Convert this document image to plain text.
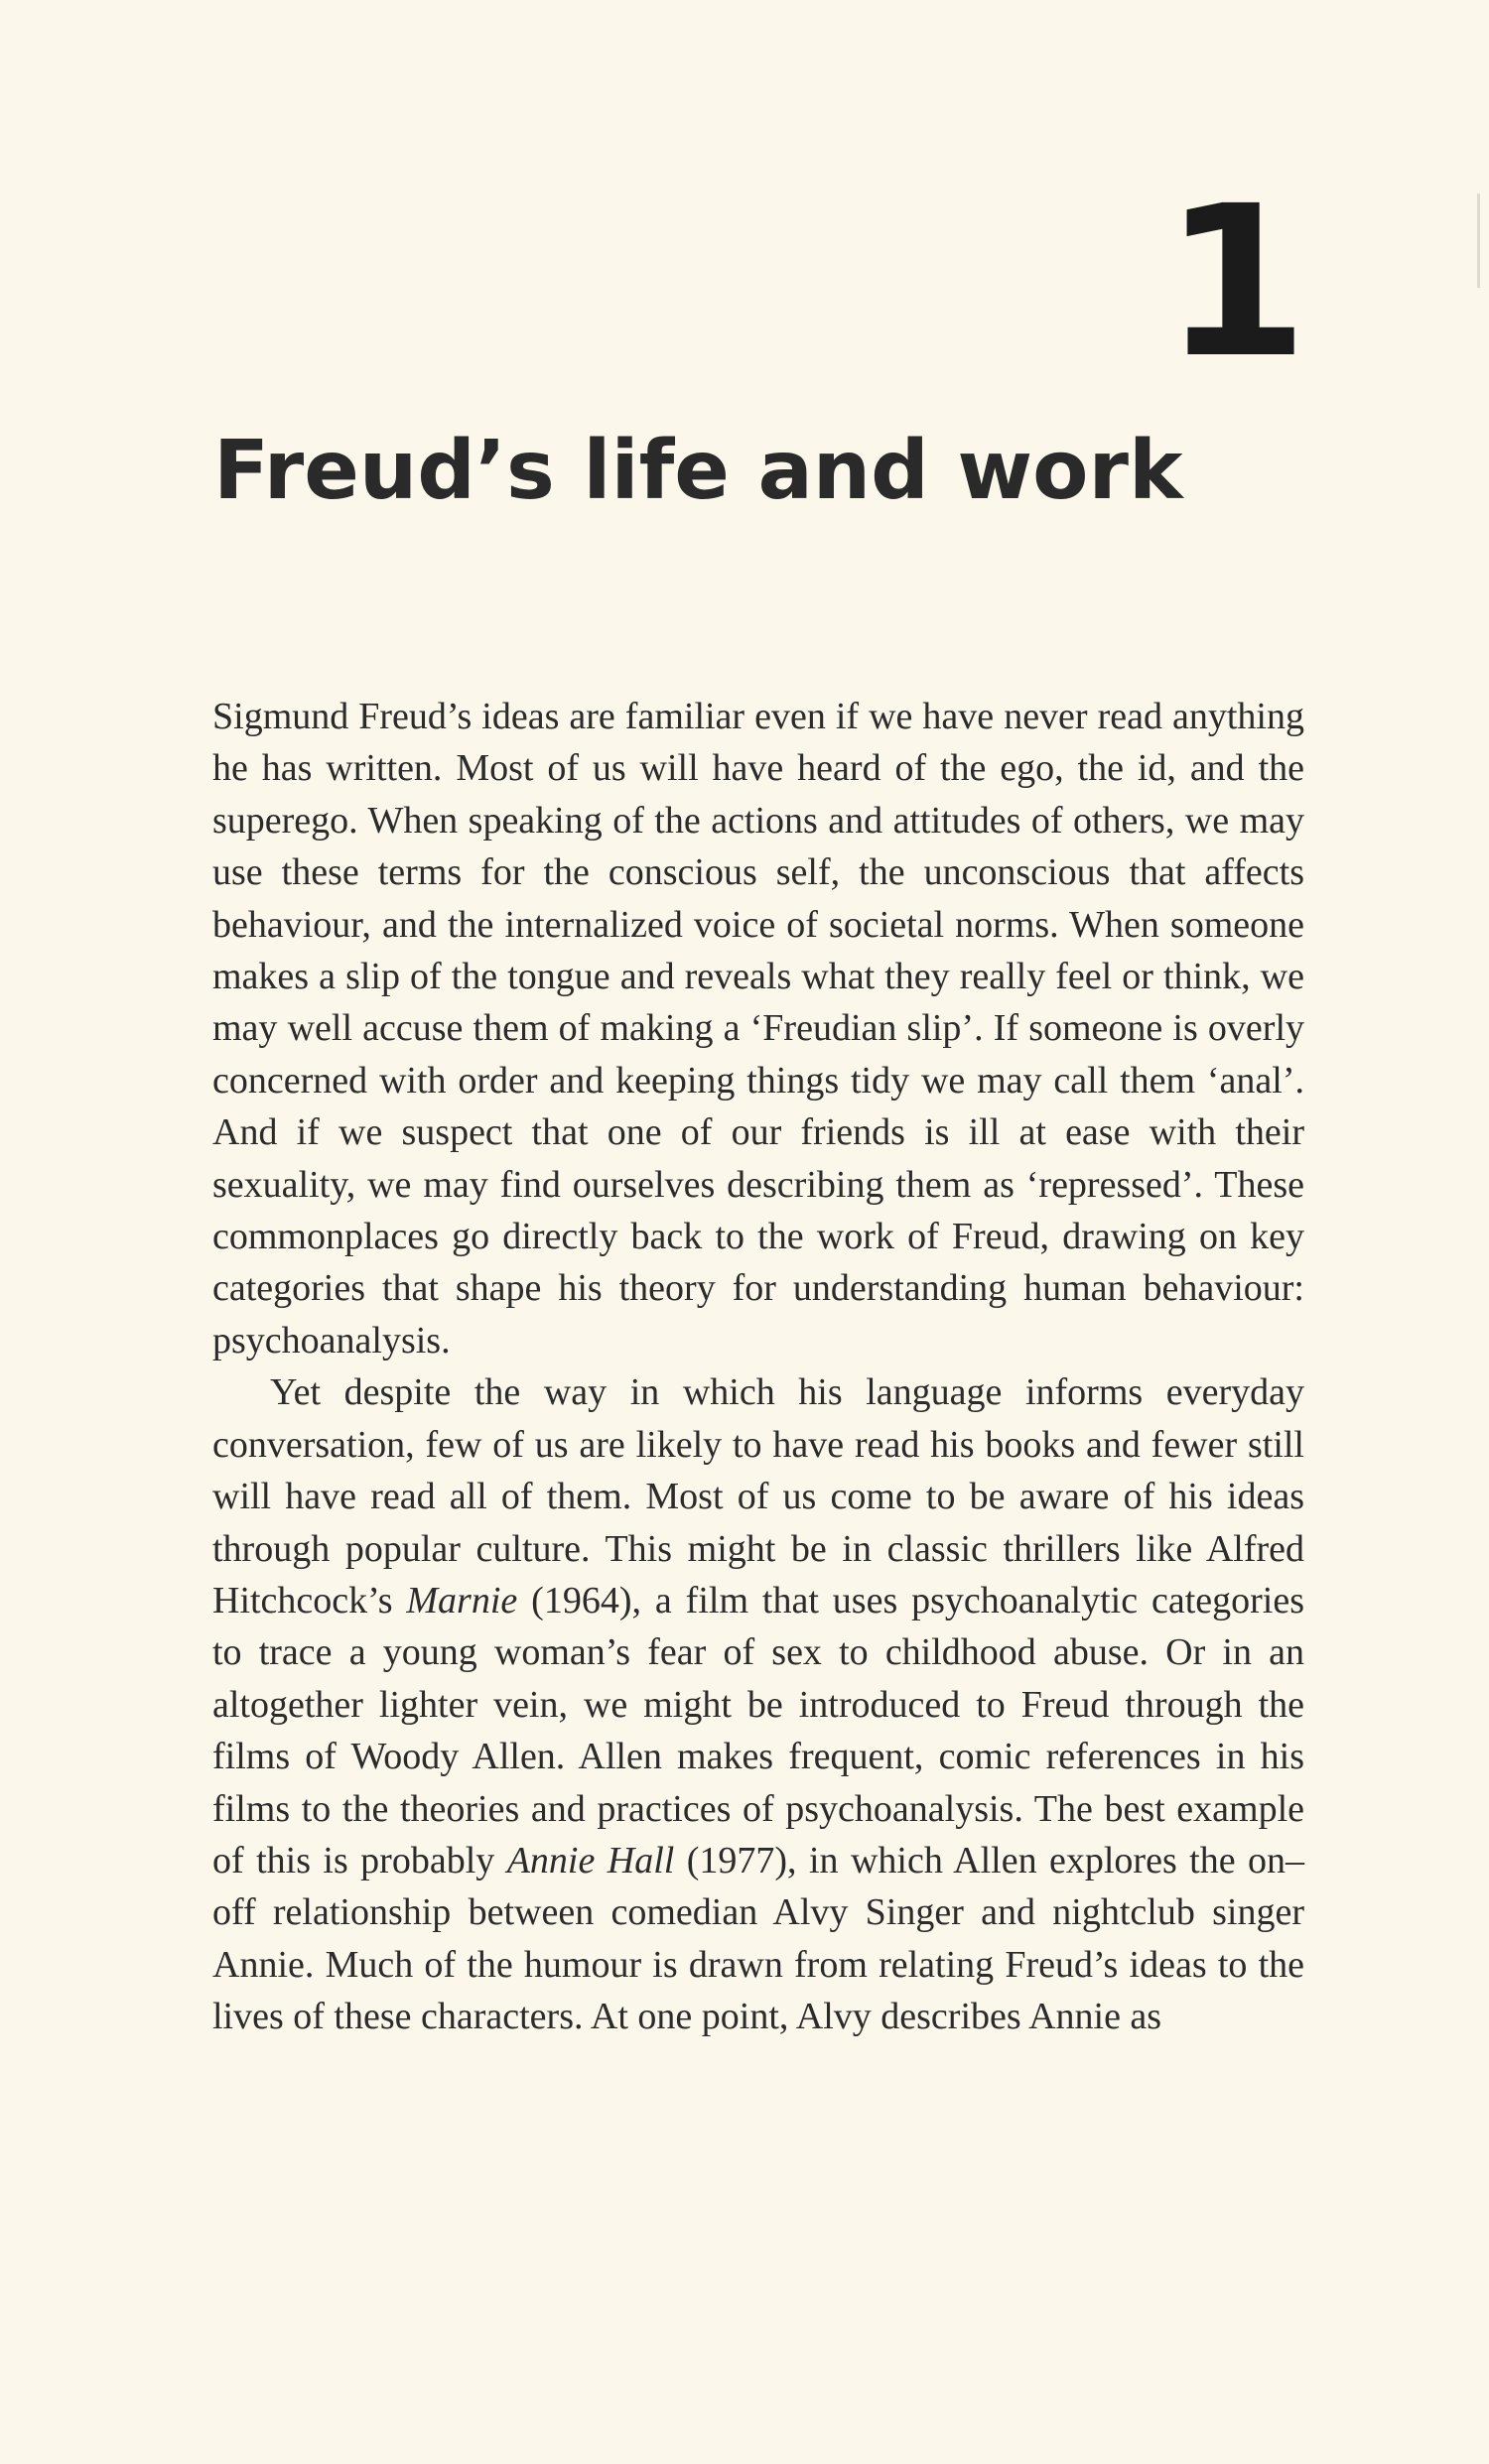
1
Freud’s life and work

Sigmund Freud’s ideas are familiar even if we have never read anything he has written. Most of us will have heard of the ego, the id, and the superego. When speaking of the actions and attitudes of others, we may use these terms for the conscious self, the unconscious that affects behaviour, and the internalized voice of societal norms. When someone makes a slip of the tongue and reveals what they really feel or think, we may well accuse them of making a ‘Freudian slip’. If someone is overly concerned with order and keeping things tidy we may call them ‘anal’. And if we suspect that one of our friends is ill at ease with their sexuality, we may find ourselves describing them as ‘repressed’. These commonplaces go directly back to the work of Freud, drawing on key categories that shape his theory for understanding human behaviour: psychoanalysis.

Yet despite the way in which his language informs everyday conversation, few of us are likely to have read his books and fewer still will have read all of them. Most of us come to be aware of his ideas through popular culture. This might be in classic thrillers like Alfred Hitchcock’s Marnie (1964), a film that uses psychoanalytic categories to trace a young woman’s fear of sex to childhood abuse. Or in an altogether lighter vein, we might be introduced to Freud through the films of Woody Allen. Allen makes frequent, comic references in his films to the theories and practices of psychoanalysis. The best example of this is probably Annie Hall (1977), in which Allen explores the on–off relationship between comedian Alvy Singer and nightclub singer Annie. Much of the humour is drawn from relating Freud’s ideas to the lives of these characters. At one point, Alvy describes Annie as
